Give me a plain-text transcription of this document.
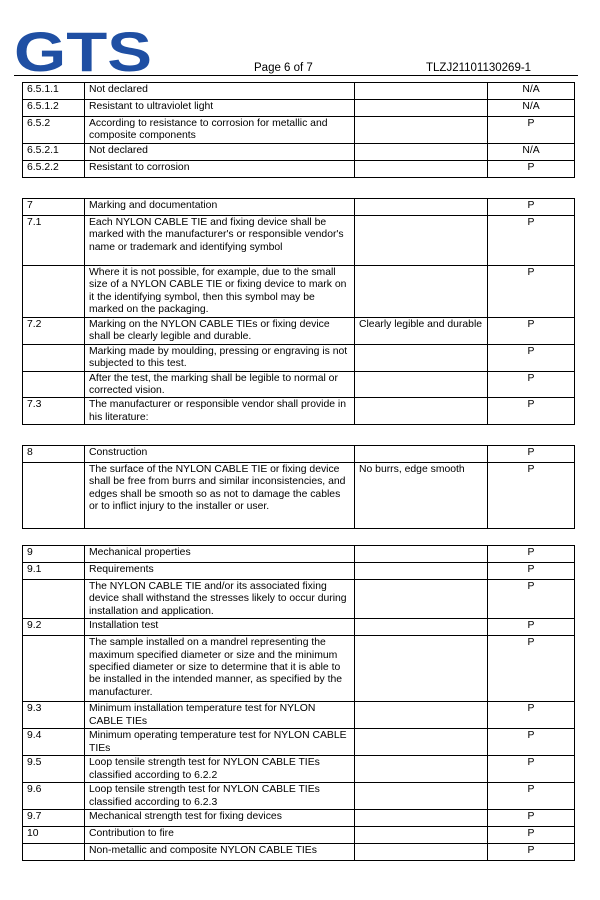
GTS	Page 6 of 7	TLZJ21101130269-1
6.5.1.1	Not declared		N/A
6.5.1.2	Resistant to ultraviolet light		N/A
6.5.2	According to resistance to corrosion for metallic and composite components		P
6.5.2.1	Not declared		N/A
6.5.2.2	Resistant to corrosion		P
7	Marking and documentation		P
7.1	Each NYLON CABLE TIE and fixing device shall be marked with the manufacturer's or responsible vendor's name or trademark and identifying symbol		P
	Where it is not possible, for example, due to the small size of a NYLON CABLE TIE or fixing device to mark on it the identifying symbol, then this symbol may be marked on the packaging.		P
7.2	Marking on the NYLON CABLE TIEs or fixing device shall be clearly legible and durable.	Clearly legible and durable	P
	Marking made by moulding, pressing or engraving is not subjected to this test.		P
	After the test, the marking shall be legible to normal or corrected vision.		P
7.3	The manufacturer or responsible vendor shall provide in his literature:		P
8	Construction		P
	The surface of the NYLON CABLE TIE or fixing device shall be free from burrs and similar inconsistencies, and edges shall be smooth so as not to damage the cables or to inflict injury to the installer or user.	No burrs, edge smooth	P
9	Mechanical properties		P
9.1	Requirements		P
	The NYLON CABLE TIE and/or its associated fixing device shall withstand the stresses likely to occur during installation and application.		P
9.2	Installation test		P
	The sample installed on a mandrel representing the maximum specified diameter or size and the minimum specified diameter or size to determine that it is able to be installed in the intended manner, as specified by the manufacturer.		P
9.3	Minimum installation temperature test for NYLON CABLE TIEs		P
9.4	Minimum operating temperature test for NYLON CABLE TIEs		P
9.5	Loop tensile strength test for NYLON CABLE TIEs classified according to 6.2.2		P
9.6	Loop tensile strength test for NYLON CABLE TIEs classified according to 6.2.3		P
9.7	Mechanical strength test for fixing devices		P
10	Contribution to fire		P
	Non-metallic and composite NYLON CABLE TIEs		P
